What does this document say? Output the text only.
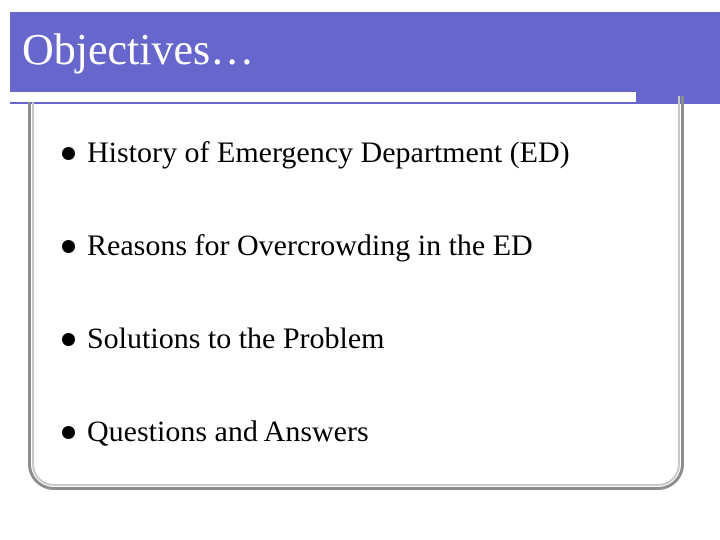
Objectives…
History of Emergency Department (ED)
Reasons for Overcrowding in the ED
Solutions to the Problem
Questions and Answers
